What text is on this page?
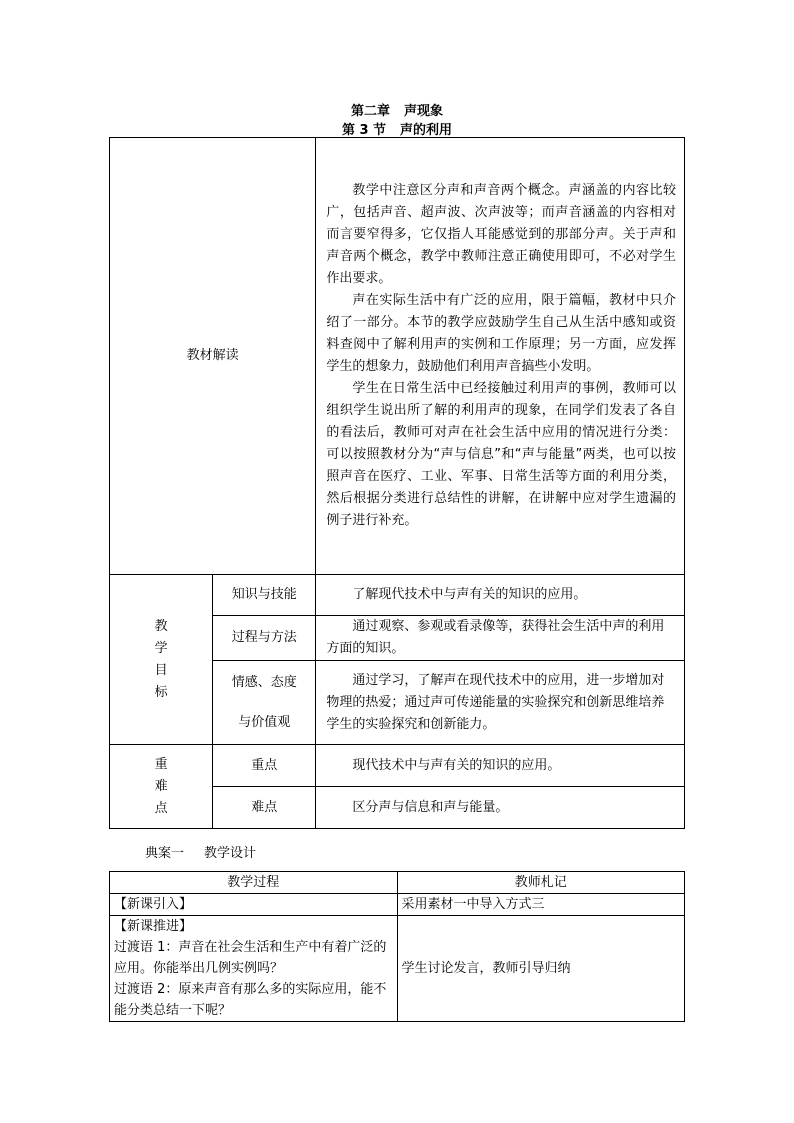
第二章 声现象
第 3 节 声的利用
教材解读		教学中注意区分声和声音两个概念。声涵盖的内容比较广，包括声音、超声波、次声波等；而声音涵盖的内容相对而言要窄得多，它仅指人耳能感觉到的那部分声。关于声和声音两个概念，教学中教师注意正确使用即可，不必对学生作出要求。

声在实际生活中有广泛的应用，限于篇幅，教材中只介绍了一部分。本节的教学应鼓励学生自己从生活中感知或资料查阅中了解利用声的实例和工作原理；另一方面，应发挥学生的想象力，鼓励他们利用声音搞些小发明。

学生在日常生活中已经接触过利用声的事例，教师可以组织学生说出所了解的利用声的现象，在同学们发表了各自的看法后，教师可对声在社会生活中应用的情况进行分类：可以按照教材分为“声与信息”和“声与能量”两类，也可以按照声音在医疗、工业、军事、日常生活等方面的利用分类，然后根据分类进行总结性的讲解，在讲解中应对学生遗漏的例子进行补充。

教
学
目
标	知识与技能	了解现代技术中与声有关的知识的应用。

	过程与方法	通过观察、参观或看录像等，获得社会生活中声的利用方面的知识。

	情感、态度
与价值观	通过学习，了解声在现代技术中的应用，进一步增加对物理的热爱；通过声可传递能量的实验探究和创新思维培养学生的实验探究和创新能力。

重
难
点	重点	现代技术中与声有关的知识的应用。

	难点	区分声与信息和声与能量。

典案一 教学设计
教学过程	教师札记
【新课引入】	采用素材一中导入方式三

【新课推进】
过渡语 1：声音在社会生活和生产中有着广泛的应用。你能举出几例实例吗？
过渡语 2：原来声音有那么多的实际应用，能不能分类总结一下呢？	学生讨论发言，教师引导归纳
